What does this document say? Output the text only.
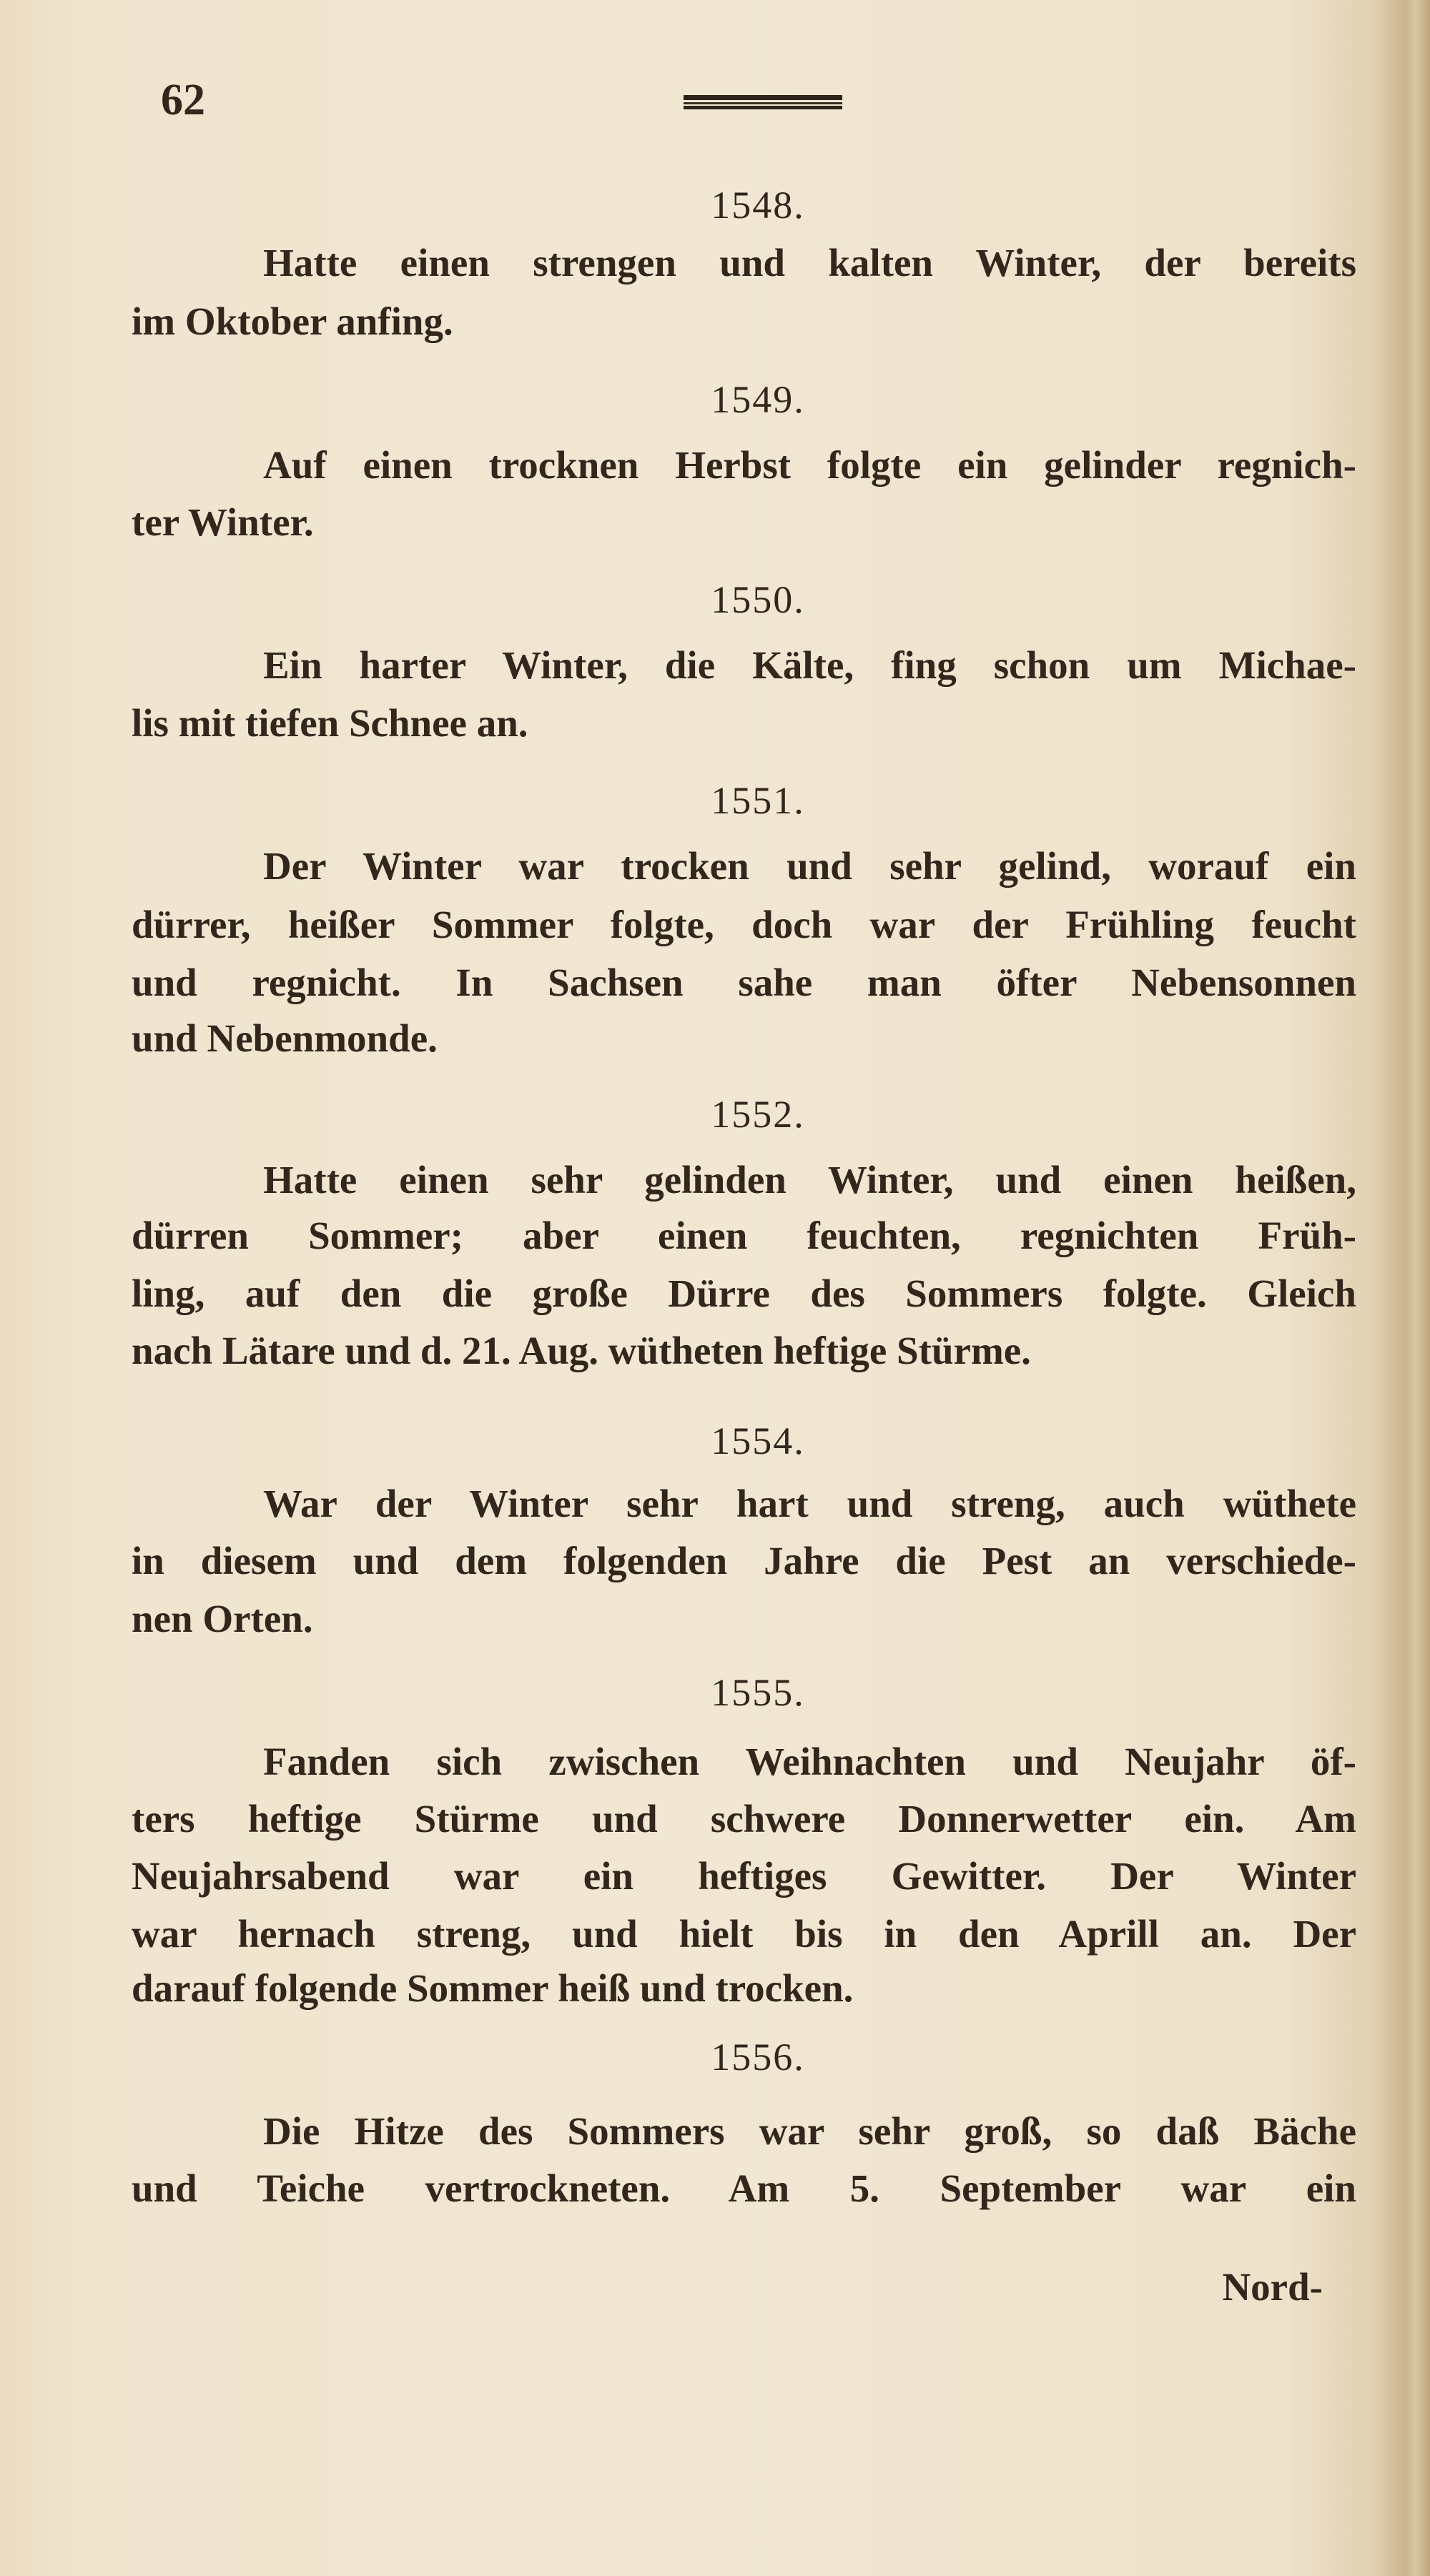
62
Nord-
1548.
Hatte einen strengen und kalten Winter, der bereits
im Oktober anfing.
1549.
Auf einen trocknen Herbst folgte ein gelinder regnich-
ter Winter.
1550.
Ein harter Winter, die Kälte, fing schon um Michae-
lis mit tiefen Schnee an.
1551.
Der Winter war trocken und sehr gelind, worauf ein
dürrer, heißer Sommer folgte, doch war der Frühling feucht
und regnicht. In Sachsen sahe man öfter Nebensonnen
und Nebenmonde.
1552.
Hatte einen sehr gelinden Winter, und einen heißen,
dürren Sommer; aber einen feuchten, regnichten Früh-
ling, auf den die große Dürre des Sommers folgte. Gleich
nach Lätare und d. 21. Aug. wütheten heftige Stürme.
1554.
War der Winter sehr hart und streng, auch wüthete
in diesem und dem folgenden Jahre die Pest an verschiede-
nen Orten.
1555.
Fanden sich zwischen Weihnachten und Neujahr öf-
ters heftige Stürme und schwere Donnerwetter ein. Am
Neujahrsabend war ein heftiges Gewitter. Der Winter
war hernach streng, und hielt bis in den Aprill an. Der
darauf folgende Sommer heiß und trocken.
1556.
Die Hitze des Sommers war sehr groß, so daß Bäche
und Teiche vertrockneten. Am 5. September war ein
